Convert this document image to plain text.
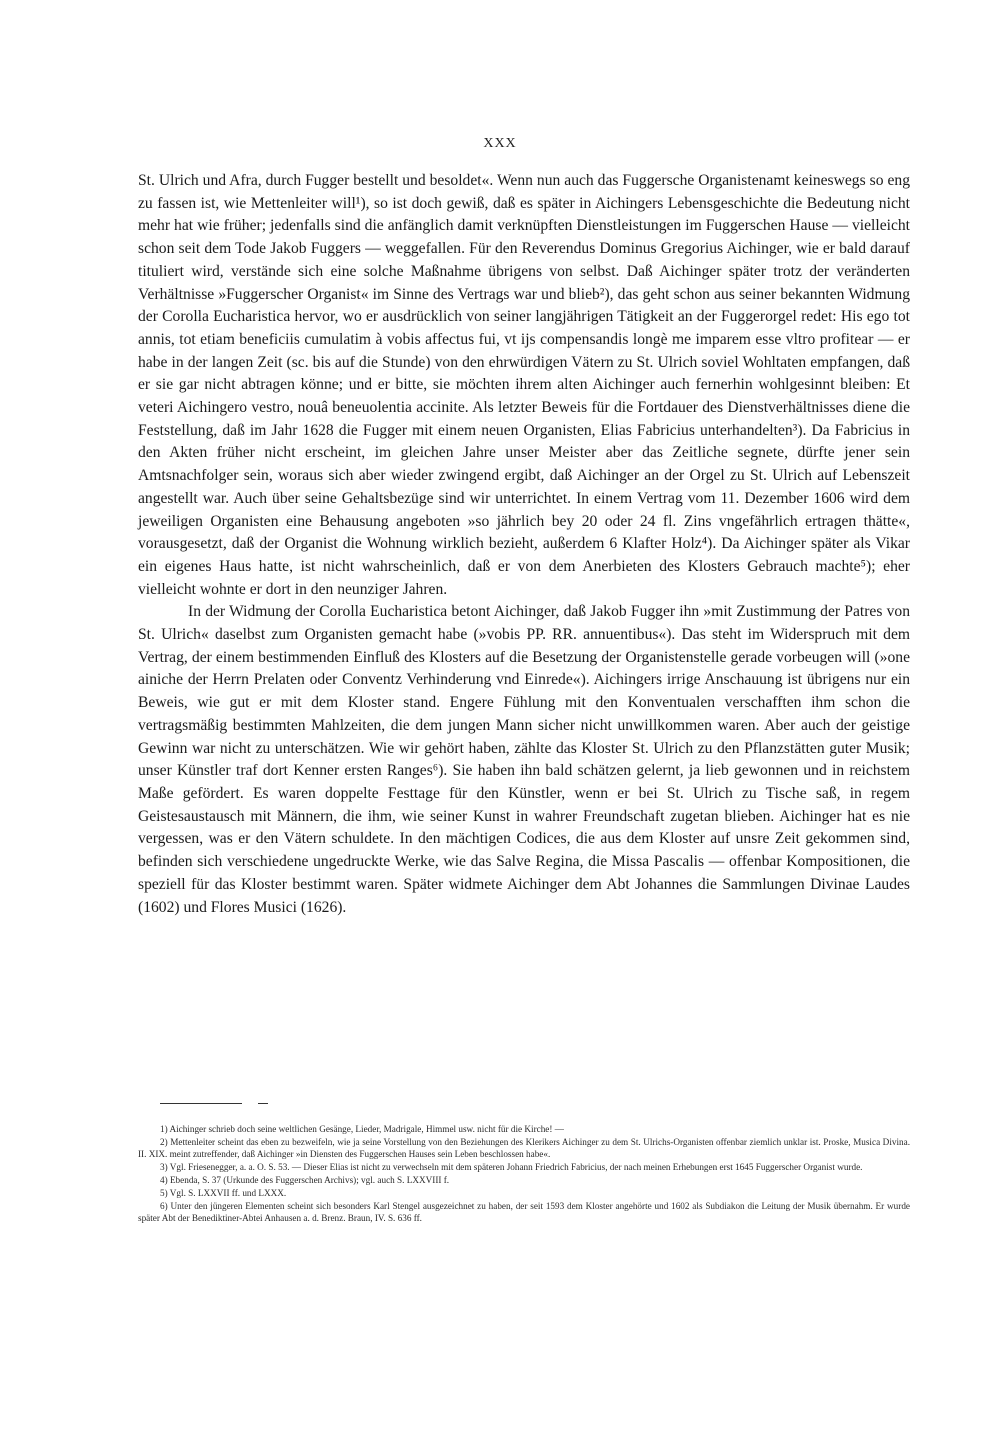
XXX

St. Ulrich und Afra, durch Fugger bestellt und besoldet«. Wenn nun auch das Fuggersche Organistenamt keineswegs so eng zu fassen ist, wie Mettenleiter will¹), so ist doch gewiß, daß es später in Aichingers Lebensgeschichte die Bedeutung nicht mehr hat wie früher; jedenfalls sind die anfänglich damit verknüpften Dienstleistungen im Fuggerschen Hause — vielleicht schon seit dem Tode Jakob Fuggers — weggefallen. Für den Reverendus Dominus Gregorius Aichinger, wie er bald darauf tituliert wird, verstände sich eine solche Maßnahme übrigens von selbst. Daß Aichinger später trotz der veränderten Verhältnisse »Fuggerscher Organist« im Sinne des Vertrags war und blieb²), das geht schon aus seiner bekannten Widmung der Corolla Eucharistica hervor, wo er ausdrücklich von seiner langjährigen Tätigkeit an der Fuggerorgel redet: His ego tot annis, tot etiam beneficiis cumulatim à vobis affectus fui, vt ijs compensandis longè me imparem esse vltro profitear — er habe in der langen Zeit (sc. bis auf die Stunde) von den ehrwürdigen Vätern zu St. Ulrich soviel Wohltaten empfangen, daß er sie gar nicht abtragen könne; und er bitte, sie möchten ihrem alten Aichinger auch fernerhin wohlgesinnt bleiben: Et veteri Aichingero vestro, nouâ beneuolentia accinite. Als letzter Beweis für die Fortdauer des Dienstverhältnisses diene die Feststellung, daß im Jahr 1628 die Fugger mit einem neuen Organisten, Elias Fabricius unterhandelten³). Da Fabricius in den Akten früher nicht erscheint, im gleichen Jahre unser Meister aber das Zeitliche segnete, dürfte jener sein Amtsnachfolger sein, woraus sich aber wieder zwingend ergibt, daß Aichinger an der Orgel zu St. Ulrich auf Lebenszeit angestellt war. Auch über seine Gehaltsbezüge sind wir unterrichtet. In einem Vertrag vom 11. Dezember 1606 wird dem jeweiligen Organisten eine Behausung angeboten »so jährlich bey 20 oder 24 fl. Zins vngefährlich ertragen thätte«, vorausgesetzt, daß der Organist die Wohnung wirklich bezieht, außerdem 6 Klafter Holz⁴). Da Aichinger später als Vikar ein eigenes Haus hatte, ist nicht wahrscheinlich, daß er von dem Anerbieten des Klosters Gebrauch machte⁵); eher vielleicht wohnte er dort in den neunziger Jahren.

In der Widmung der Corolla Eucharistica betont Aichinger, daß Jakob Fugger ihn »mit Zustimmung der Patres von St. Ulrich« daselbst zum Organisten gemacht habe (»vobis PP. RR. annuentibus«). Das steht im Widerspruch mit dem Vertrag, der einem bestimmenden Einfluß des Klosters auf die Besetzung der Organistenstelle gerade vorbeugen will (»one ainiche der Herrn Prelaten oder Conventz Verhinderung vnd Einrede«). Aichingers irrige Anschauung ist übrigens nur ein Beweis, wie gut er mit dem Kloster stand. Engere Fühlung mit den Konventualen verschafften ihm schon die vertragsmäßig bestimmten Mahlzeiten, die dem jungen Mann sicher nicht unwillkommen waren. Aber auch der geistige Gewinn war nicht zu unterschätzen. Wie wir gehört haben, zählte das Kloster St. Ulrich zu den Pflanzstätten guter Musik; unser Künstler traf dort Kenner ersten Ranges⁶). Sie haben ihn bald schätzen gelernt, ja lieb gewonnen und in reichstem Maße gefördert. Es waren doppelte Festtage für den Künstler, wenn er bei St. Ulrich zu Tische saß, in regem Geistesaustausch mit Männern, die ihm, wie seiner Kunst in wahrer Freundschaft zugetan blieben. Aichinger hat es nie vergessen, was er den Vätern schuldete. In den mächtigen Codices, die aus dem Kloster auf unsre Zeit gekommen sind, befinden sich verschiedene ungedruckte Werke, wie das Salve Regina, die Missa Pascalis — offenbar Kompositionen, die speziell für das Kloster bestimmt waren. Später widmete Aichinger dem Abt Johannes die Sammlungen Divinae Laudes (1602) und Flores Musici (1626).

1) Aichinger schrieb doch seine weltlichen Gesänge, Lieder, Madrigale, Himmel usw. nicht für die Kirche! —

2) Mettenleiter scheint das eben zu bezweifeln, wie ja seine Vorstellung von den Beziehungen des Klerikers Aichinger zu dem St. Ulrichs-Organisten offenbar ziemlich unklar ist. Proske, Musica Divina. II. XIX. meint zutreffender, daß Aichinger »in Diensten des Fuggerschen Hauses sein Leben beschlossen habe«.

3) Vgl. Friesenegger, a. a. O. S. 53. — Dieser Elias ist nicht zu verwechseln mit dem späteren Johann Friedrich Fabricius, der nach meinen Erhebungen erst 1645 Fuggerscher Organist wurde.

4) Ebenda, S. 37 (Urkunde des Fuggerschen Archivs); vgl. auch S. LXXVIII f.

5) Vgl. S. LXXVII ff. und LXXX.

6) Unter den jüngeren Elementen scheint sich besonders Karl Stengel ausgezeichnet zu haben, der seit 1593 dem Kloster angehörte und 1602 als Subdiakon die Leitung der Musik übernahm. Er wurde später Abt der Benediktiner-Abtei Anhausen a. d. Brenz. Braun, IV. S. 636 ff.
